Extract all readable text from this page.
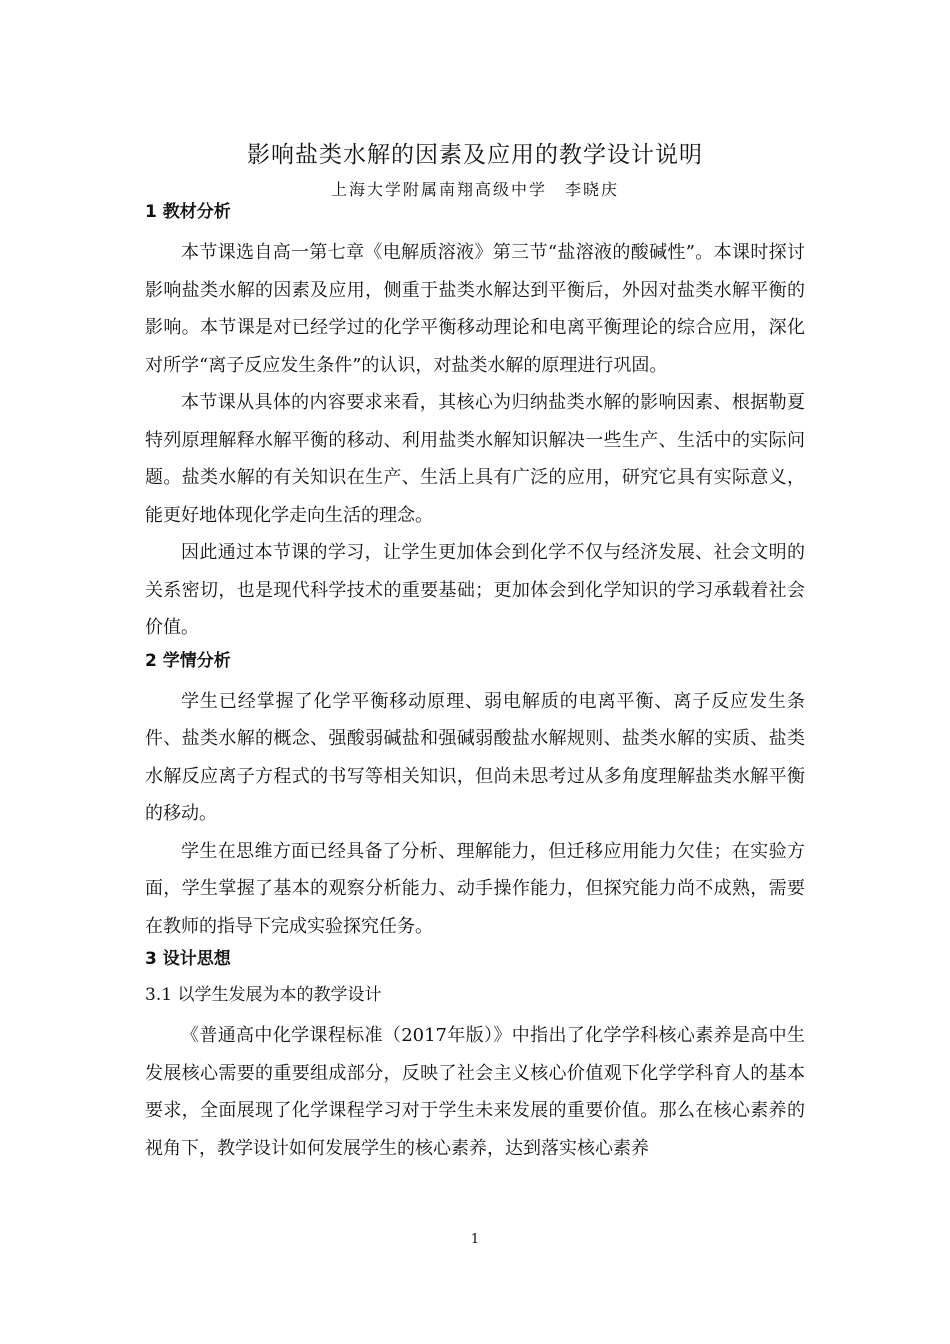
影响盐类水解的因素及应用的教学设计说明
上海大学附属南翔高级中学　李晓庆
1 教材分析

本节课选自高一第七章《电解质溶液》第三节“盐溶液的酸碱性”。本课时探讨影响盐类水解的因素及应用，侧重于盐类水解达到平衡后，外因对盐类水解平衡的影响。本节课是对已经学过的化学平衡移动理论和电离平衡理论的综合应用，深化对所学“离子反应发生条件”的认识，对盐类水解的原理进行巩固。

本节课从具体的内容要求来看，其核心为归纳盐类水解的影响因素、根据勒夏特列原理解释水解平衡的移动、利用盐类水解知识解决一些生产、生活中的实际问题。盐类水解的有关知识在生产、生活上具有广泛的应用，研究它具有实际意义，能更好地体现化学走向生活的理念。

因此通过本节课的学习，让学生更加体会到化学不仅与经济发展、社会文明的关系密切，也是现代科学技术的重要基础；更加体会到化学知识的学习承载着社会价值。

2 学情分析

学生已经掌握了化学平衡移动原理、弱电解质的电离平衡、离子反应发生条件、盐类水解的概念、强酸弱碱盐和强碱弱酸盐水解规则、盐类水解的实质、盐类水解反应离子方程式的书写等相关知识，但尚未思考过从多角度理解盐类水解平衡的移动。

学生在思维方面已经具备了分析、理解能力，但迁移应用能力欠佳；在实验方面，学生掌握了基本的观察分析能力、动手操作能力，但探究能力尚不成熟，需要在教师的指导下完成实验探究任务。

3 设计思想
3.1 以学生发展为本的教学设计

《普通高中化学课程标准（2017年版）》中指出了化学学科核心素养是高中生发展核心需要的重要组成部分，反映了社会主义核心价值观下化学学科育人的基本要求，全面展现了化学课程学习对于学生未来发展的重要价值。那么在核心素养的视角下，教学设计如何发展学生的核心素养，达到落实核心素养

1
